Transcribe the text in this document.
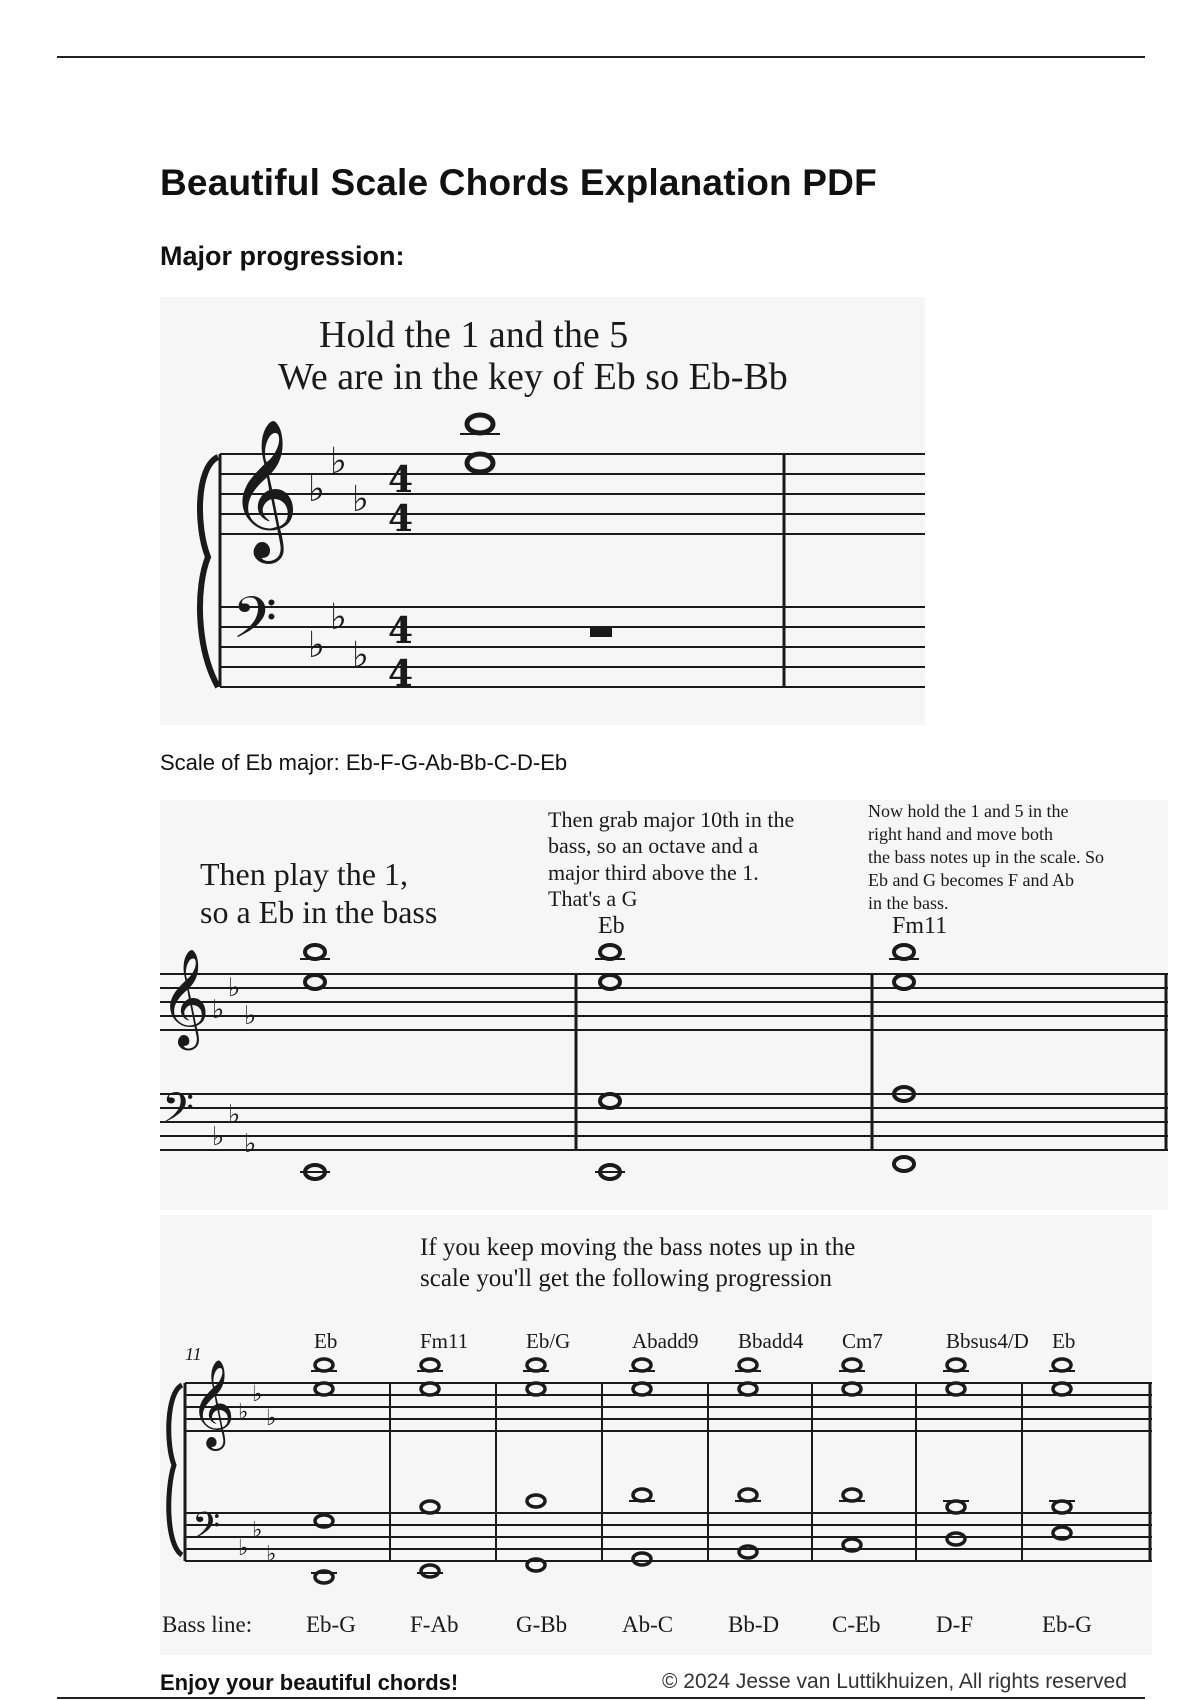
Beautiful Scale Chords Explanation PDF
Major progression:
Hold the 1 and the 5
We are in the key of Eb so Eb-Bb
𝄞
𝄢
♭
♭
♭
♭
♭
♭
4
4
4
4
Scale of Eb major: Eb-F-G-Ab-Bb-C-D-Eb
Then play the 1,
so a Eb in the bass
Then grab major 10th in the
bass, so an octave and a
major third above the 1.
That's a G
Now hold the 1 and 5 in the
right hand and move both
the bass notes up in the scale. So
Eb and G becomes F and Ab
in the bass.
Eb	Fm11
𝄞
𝄢
♭
♭
♭
♭
♭
♭
If you keep moving the bass notes up in the
scale you'll get the following progression
11
𝄞
𝄢
♭
♭
♭
♭
♭
♭
Eb
Eb-G
Fm11
F-Ab
Eb/G
G-Bb
Abadd9
Ab-C
Bbadd4
Bb-D
Cm7
C-Eb
Bbsus4/D
D-F
Eb
Eb-G
Bass line:
Enjoy your beautiful chords!	© 2024 Jesse van Luttikhuizen, All rights reserved
